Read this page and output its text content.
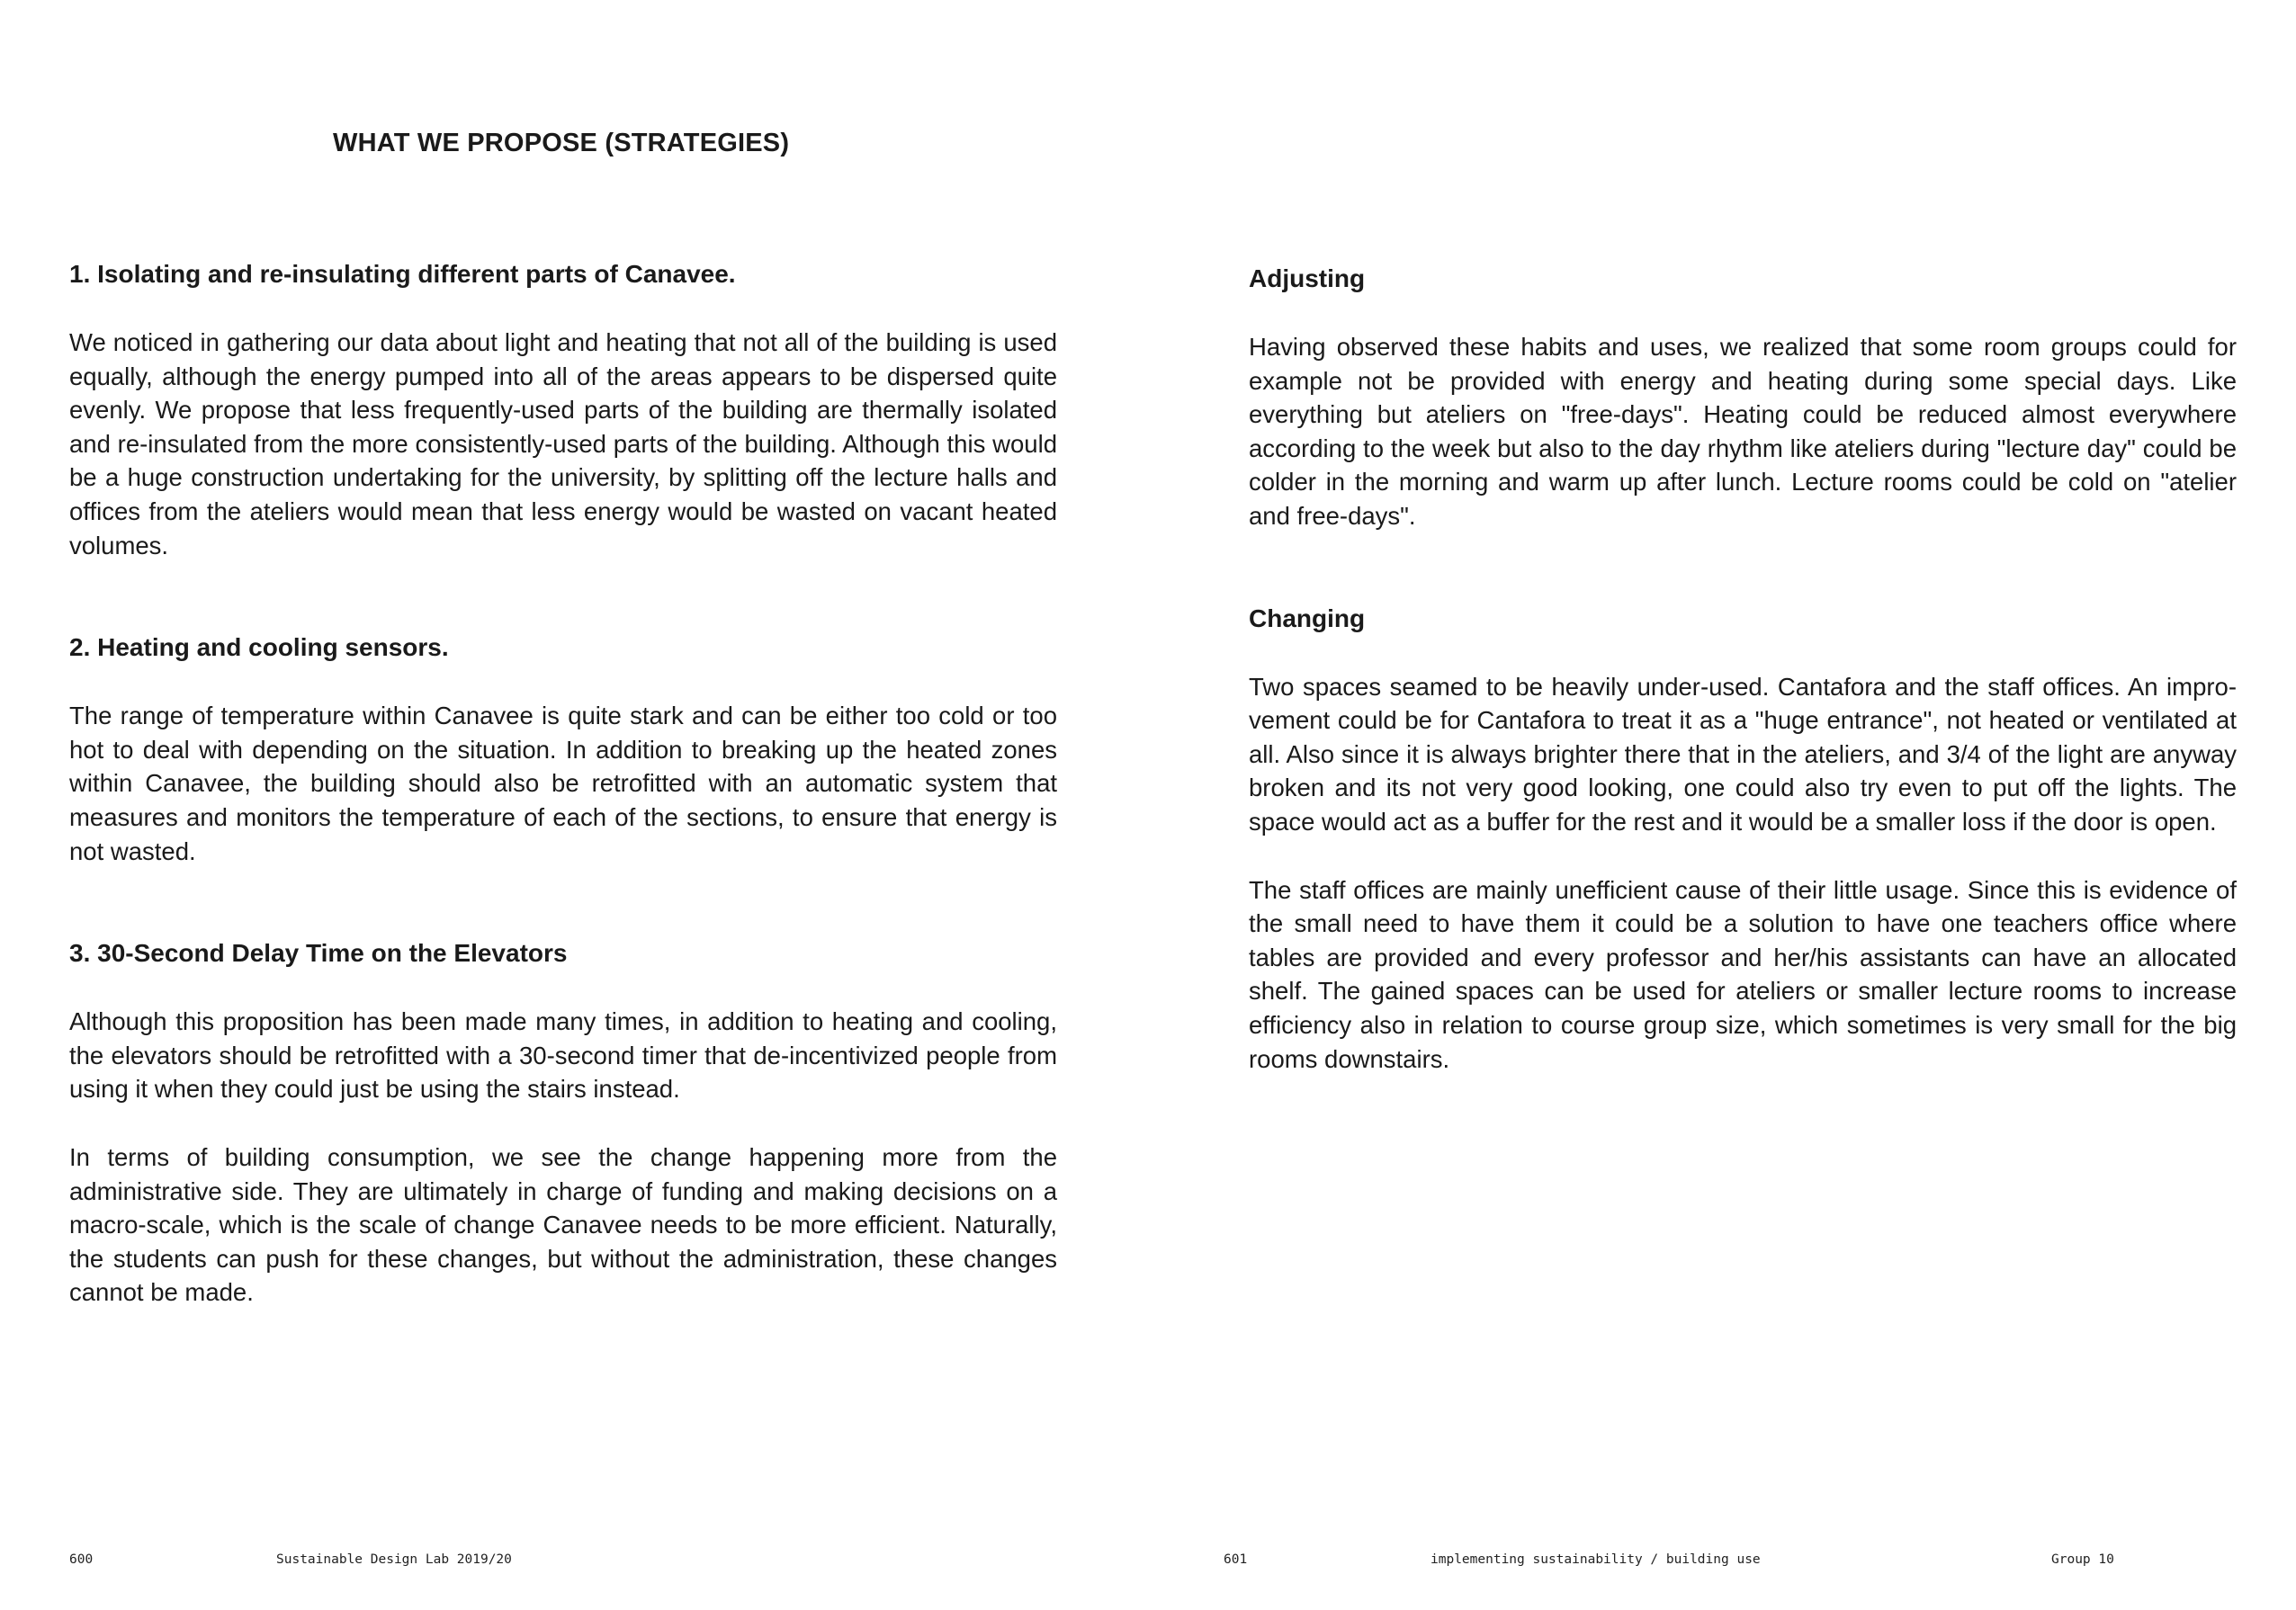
WHAT WE PROPOSE (STRATEGIES)
1. Isolating and re-insulating different parts of Canavee.

We noticed in gathering our data about light and heating that not all of the building is used equally, although the energy pumped into all of the areas appears to be dispersed quite evenly. We propose that less frequently-used parts of the building are thermally isolated and re-insulated from the more consistently-used parts of the building. Although this would be a huge construction undertaking for the university, by splitting off the lecture halls and offices from the ateliers would mean that less energy would be wasted on vacant heated volumes.

2. Heating and cooling sensors.

The range of temperature within Canavee is quite stark and can be either too cold or too hot to deal with depending on the situation. In addition to breaking up the heated zones within Canavee, the building should also be retrofitted with an automatic system that measures and monitors the temperature of each of the sections, to ensure that energy is not wasted.

3. 30-Second Delay Time on the Elevators

Although this proposition has been made many times, in addition to heating and cooling, the elevators should be retrofitted with a 30-second timer that de-incentivized people from using it when they could just be using the stairs instead.

In terms of building consumption, we see the change happening more from the administrative side. They are ultimately in charge of funding and making decisions on a macro-scale, which is the scale of change Canavee needs to be more efficient. Naturally, the students can push for these changes, but without the administration, these changes cannot be made.

600	Sustainable Design Lab 2019/20
Adjusting

Having observed these habits and uses, we realized that some room groups could for example not be provided with energy and heating during some special days. Like everything but ateliers on "free-days". Heating could be reduced almost everywhere according to the week but also to the day rhythm like ateliers during "lecture day" could be colder in the morning and warm up after lunch. Lecture rooms could be cold on "atelier and free-days".

Changing

Two spaces seamed to be heavily under-used. Cantafora and the staff offices. An improvement could be for Cantafora to treat it as a "huge entrance", not heated or ventilated at all. Also since it is always brighter there that in the ateliers, and 3/4 of the light are anyway broken and its not very good looking, one could also try even to put off the lights. The space would act as a buffer for the rest and it would be a smaller loss if the door is open.

The staff offices are mainly unefficient cause of their little usage. Since this is evidence of the small need to have them it could be a solution to have one teachers office where tables are provided and every professor and her/his assistants can have an allocated shelf. The gained spaces can be used for ateliers or smaller lecture rooms to increase efficiency also in relation to course group size, which sometimes is very small for the big rooms downstairs.

601	implementing sustainability / building use	Group 10
